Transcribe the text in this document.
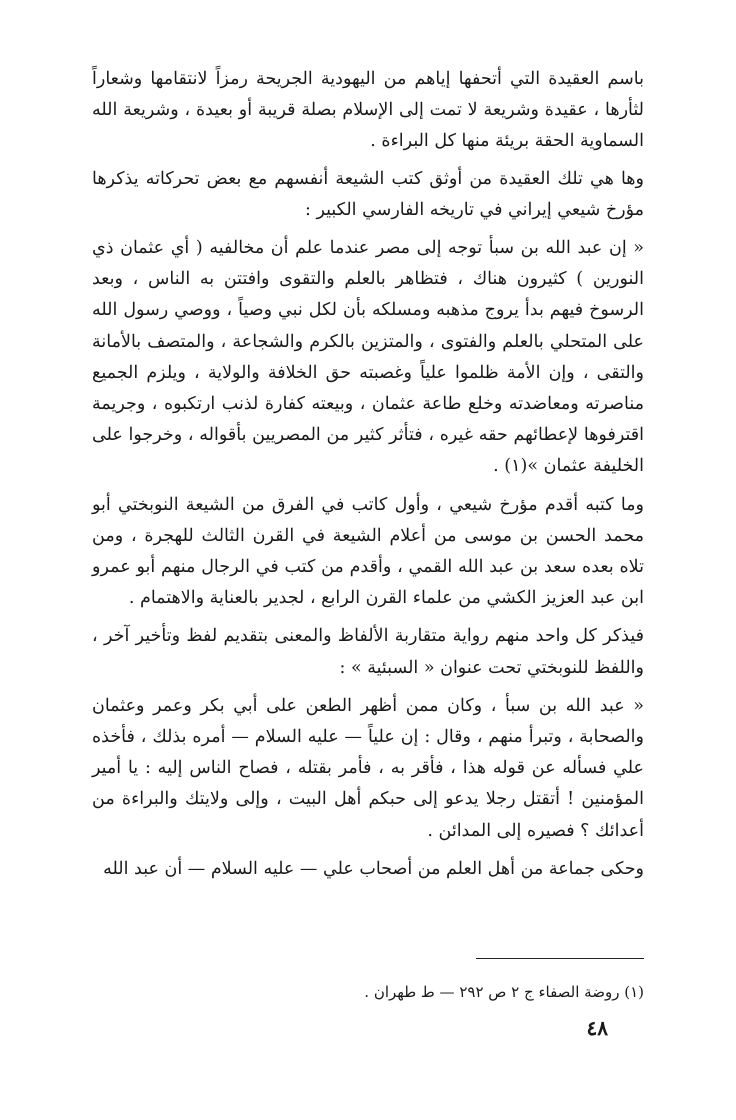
باسم العقيدة التي أتحفها إياهم من اليهودية الجريحة رمزاً لانتقامها وشعاراً لثأرها ، عقيدة وشريعة لا تمت إلى الإسلام بصلة قريبة أو بعيدة ، وشريعة الله السماوية الحقة بريئة منها كل البراءة .

وها هي تلك العقيدة من أوثق كتب الشيعة أنفسهم مع بعض تحركاته يذكرها مؤرخ شيعي إيراني في تاريخه الفارسي الكبير :

« إن عبد الله بن سبأ توجه إلى مصر عندما علم أن مخالفيه ( أي عثمان ذي النورين ) كثيرون هناك ، فتظاهر بالعلم والتقوى وافتتن به الناس ، وبعد الرسوخ فيهم بدأ يروج مذهبه ومسلكه بأن لكل نبي وصياً ، ووصي رسول الله على المتحلي بالعلم والفتوى ، والمتزين بالكرم والشجاعة ، والمتصف بالأمانة والتقى ، وإن الأمة ظلموا علياً وغصبته حق الخلافة والولاية ، ويلزم الجميع مناصرته ومعاضدته وخلع طاعة عثمان ، وبيعته كفارة لذنب ارتكبوه ، وجريمة اقترفوها لإعطائهم حقه غيره ، فتأثر كثير من المصريين بأقواله ، وخرجوا على الخليفة عثمان »(١) .

وما كتبه أقدم مؤرخ شيعي ، وأول كاتب في الفرق من الشيعة النوبختي أبو محمد الحسن بن موسى من أعلام الشيعة في القرن الثالث للهجرة ، ومن تلاه بعده سعد بن عبد الله القمي ، وأقدم من كتب في الرجال منهم أبو عمرو ابن عبد العزيز الكشي من علماء القرن الرابع ، لجدير بالعناية والاهتمام .

فيذكر كل واحد منهم رواية متقاربة الألفاظ والمعنى بتقديم لفظ وتأخير آخر ، واللفظ للنوبختي تحت عنوان « السبئية » :

« عبد الله بن سبأ ، وكان ممن أظهر الطعن على أبي بكر وعمر وعثمان والصحابة ، وتبرأ منهم ، وقال : إن علياً — عليه السلام — أمره بذلك ، فأخذه علي فسأله عن قوله هذا ، فأقر به ، فأمر بقتله ، فصاح الناس إليه : يا أمير المؤمنين ! أتقتل رجلا يدعو إلى حبكم أهل البيت ، وإلى ولايتك والبراءة من أعدائك ؟ فصيره إلى المدائن .

وحكى جماعة من أهل العلم من أصحاب علي — عليه السلام — أن عبد الله

(١) روضة الصفاء ج ٢ ص ٢٩٢ — ط طهران .
٤٨
